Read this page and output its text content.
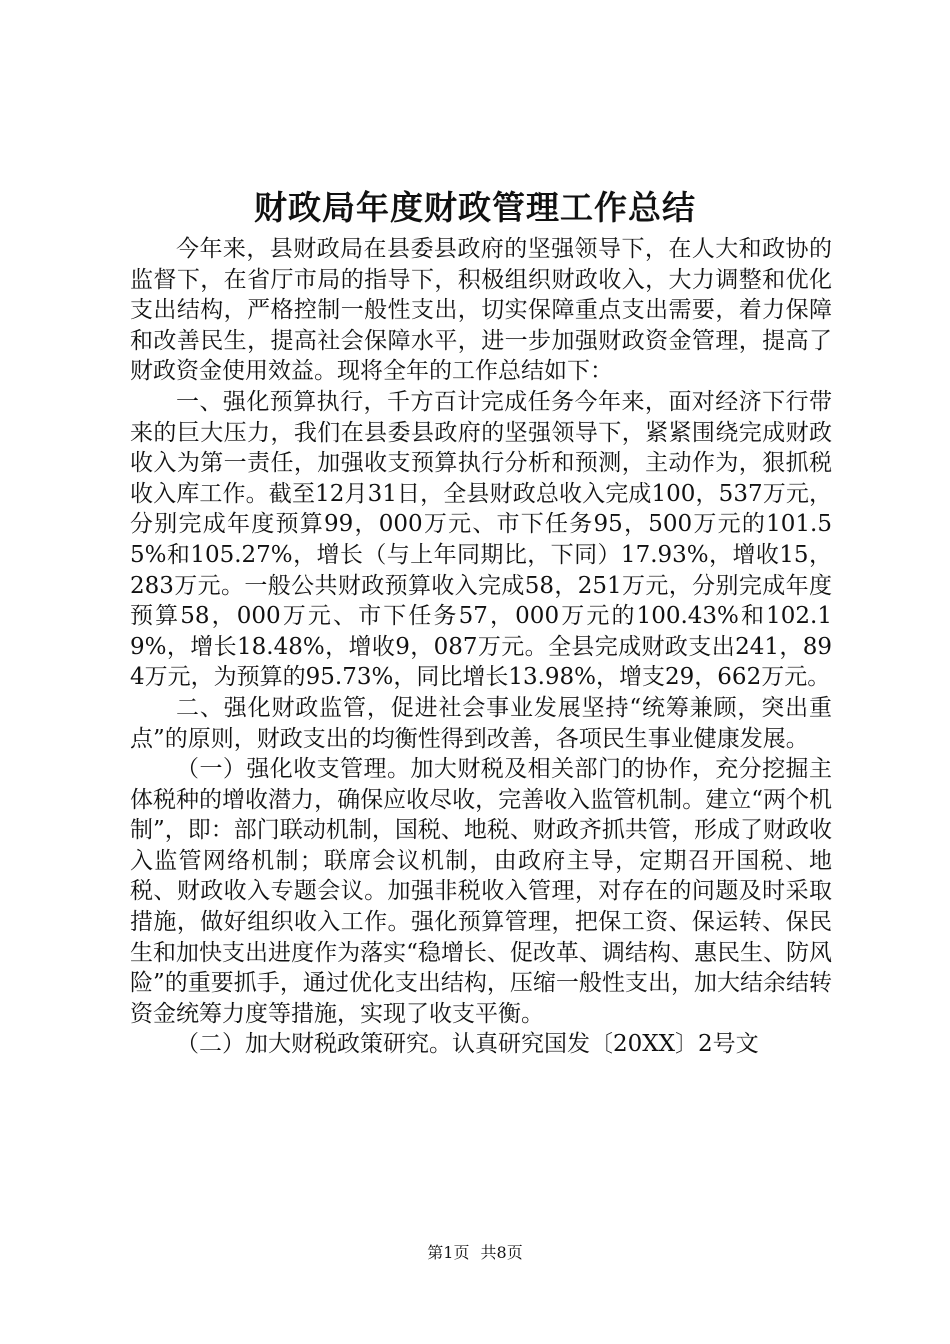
财政局年度财政管理工作总结

今年来，县财政局在县委县政府的坚强领导下，在人大和政协的监督下，在省厅市局的指导下，积极组织财政收入，大力调整和优化支出结构，严格控制一般性支出，切实保障重点支出需要，着力保障和改善民生，提高社会保障水平，进一步加强财政资金管理，提高了财政资金使用效益。现将全年的工作总结如下：

一、强化预算执行，千方百计完成任务今年来，面对经济下行带来的巨大压力，我们在县委县政府的坚强领导下，紧紧围绕完成财政收入为第一责任，加强收支预算执行分析和预测，主动作为，狠抓税收入库工作。截至12月31日，全县财政总收入完成100，537万元，分别完成年度预算99，000万元、市下任务95，500万元的101.55%和105.27%，增长（与上年同期比，下同）17.93%，增收15，283万元。一般公共财政预算收入完成58，251万元，分别完成年度预算58，000万元、市下任务57，000万元的100.43%和102.19%，增长18.48%，增收9，087万元。全县完成财政支出241，894万元，为预算的95.73%，同比增长13.98%，增支29，662万元。

二、强化财政监管，促进社会事业发展坚持“统筹兼顾，突出重点”的原则，财政支出的均衡性得到改善，各项民生事业健康发展。

（一）强化收支管理。加大财税及相关部门的协作，充分挖掘主体税种的增收潜力，确保应收尽收，完善收入监管机制。建立“两个机制”，即：部门联动机制，国税、地税、财政齐抓共管，形成了财政收入监管网络机制；联席会议机制，由政府主导，定期召开国税、地税、财政收入专题会议。加强非税收入管理，对存在的问题及时采取措施，做好组织收入工作。强化预算管理，把保工资、保运转、保民生和加快支出进度作为落实“稳增长、促改革、调结构、惠民生、防风险”的重要抓手，通过优化支出结构，压缩一般性支出，加大结余结转资金统筹力度等措施，实现了收支平衡。

（二）加大财税政策研究。认真研究国发〔20XX〕2号文

第1页 共8页
